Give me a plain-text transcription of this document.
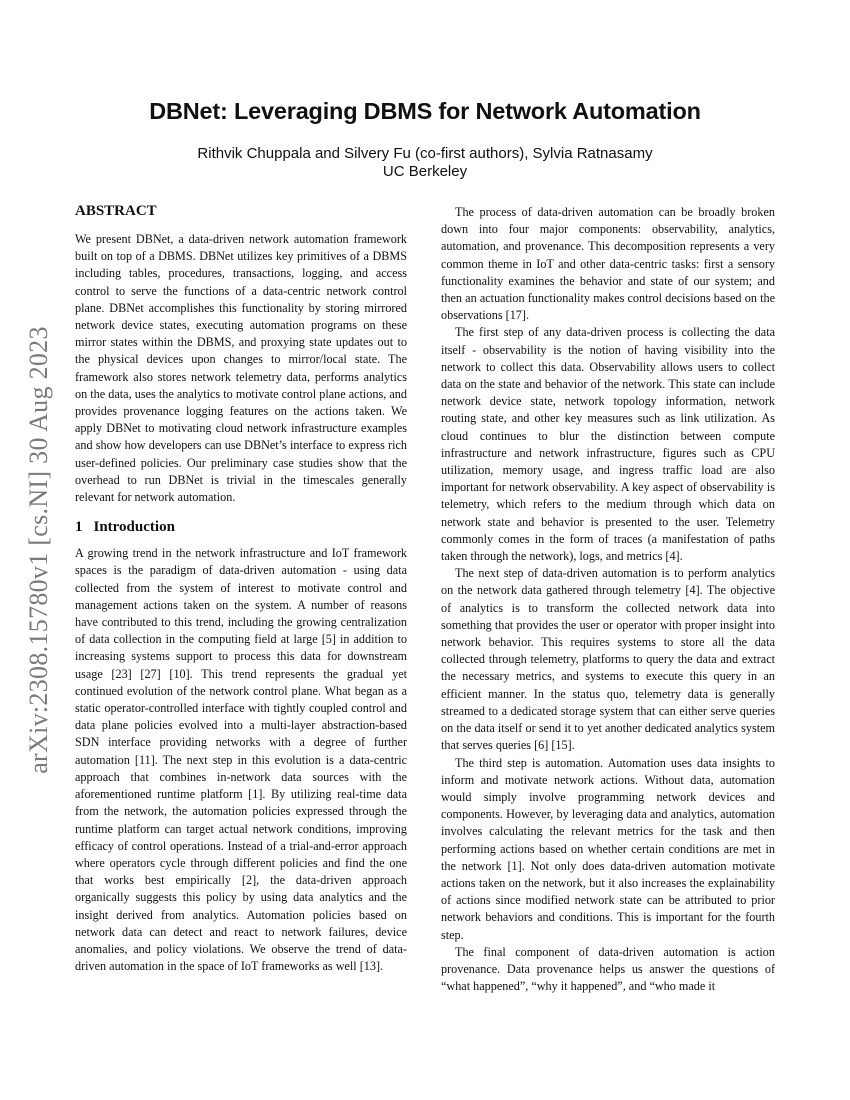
arXiv:2308.15780v1 [cs.NI] 30 Aug 2023
DBNet: Leveraging DBMS for Network Automation
Rithvik Chuppala and Silvery Fu (co-first authors), Sylvia Ratnasamy
UC Berkeley
ABSTRACT

We present DBNet, a data-driven network automation framework built on top of a DBMS. DBNet utilizes key primitives of a DBMS including tables, procedures, transactions, logging, and access control to serve the functions of a data-centric network control plane. DBNet accomplishes this functionality by storing mirrored network device states, executing automation programs on these mirror states within the DBMS, and proxying state updates out to the physical devices upon changes to mirror/local state. The framework also stores network telemetry data, performs analytics on the data, uses the analytics to motivate control plane actions, and provides provenance logging features on the actions taken. We apply DBNet to motivating cloud network infrastructure examples and show how developers can use DBNet’s interface to express rich user-defined policies. Our preliminary case studies show that the overhead to run DBNet is trivial in the timescales generally relevant for network automation.

1 Introduction

A growing trend in the network infrastructure and IoT framework spaces is the paradigm of data-driven automation - using data collected from the system of interest to motivate control and management actions taken on the system. A number of reasons have contributed to this trend, including the growing centralization of data collection in the computing field at large [5] in addition to increasing systems support to process this data for downstream usage [23] [27] [10]. This trend represents the gradual yet continued evolution of the network control plane. What began as a static operator-controlled interface with tightly coupled control and data plane policies evolved into a multi-layer abstraction-based SDN interface providing networks with a degree of further automation [11]. The next step in this evolution is a data-centric approach that combines in-network data sources with the aforementioned runtime platform [1]. By utilizing real-time data from the network, the automation policies expressed through the runtime platform can target actual network conditions, improving efficacy of control operations. Instead of a trial-and-error approach where operators cycle through different policies and find the one that works best empirically [2], the data-driven approach organically suggests this policy by using data analytics and the insight derived from analytics. Automation policies based on network data can detect and react to network failures, device anomalies, and policy violations. We observe the trend of data-driven automation in the space of IoT frameworks as well [13].

The process of data-driven automation can be broadly broken down into four major components: observability, analytics, automation, and provenance. This decomposition represents a very common theme in IoT and other data-centric tasks: first a sensory functionality examines the behavior and state of our system; and then an actuation functionality makes control decisions based on the observations [17].

The first step of any data-driven process is collecting the data itself - observability is the notion of having visibility into the network to collect this data. Observability allows users to collect data on the state and behavior of the network. This state can include network device state, network topology information, network routing state, and other key measures such as link utilization. As cloud continues to blur the distinction between compute infrastructure and network infrastructure, figures such as CPU utilization, memory usage, and ingress traffic load are also important for network observability. A key aspect of observability is telemetry, which refers to the medium through which data on network state and behavior is presented to the user. Telemetry commonly comes in the form of traces (a manifestation of paths taken through the network), logs, and metrics [4].

The next step of data-driven automation is to perform analytics on the network data gathered through telemetry [4]. The objective of analytics is to transform the collected network data into something that provides the user or operator with proper insight into network behavior. This requires systems to store all the data collected through telemetry, platforms to query the data and extract the necessary metrics, and systems to execute this query in an efficient manner. In the status quo, telemetry data is generally streamed to a dedicated storage system that can either serve queries on the data itself or send it to yet another dedicated analytics system that serves queries [6] [15].

The third step is automation. Automation uses data insights to inform and motivate network actions. Without data, automation would simply involve programming network devices and components. However, by leveraging data and analytics, automation involves calculating the relevant metrics for the task and then performing actions based on whether certain conditions are met in the network [1]. Not only does data-driven automation motivate actions taken on the network, but it also increases the explainability of actions since modified network state can be attributed to prior network behaviors and conditions. This is important for the fourth step.

The final component of data-driven automation is action provenance. Data provenance helps us answer the questions of “what happened”, “why it happened”, and “who made it
